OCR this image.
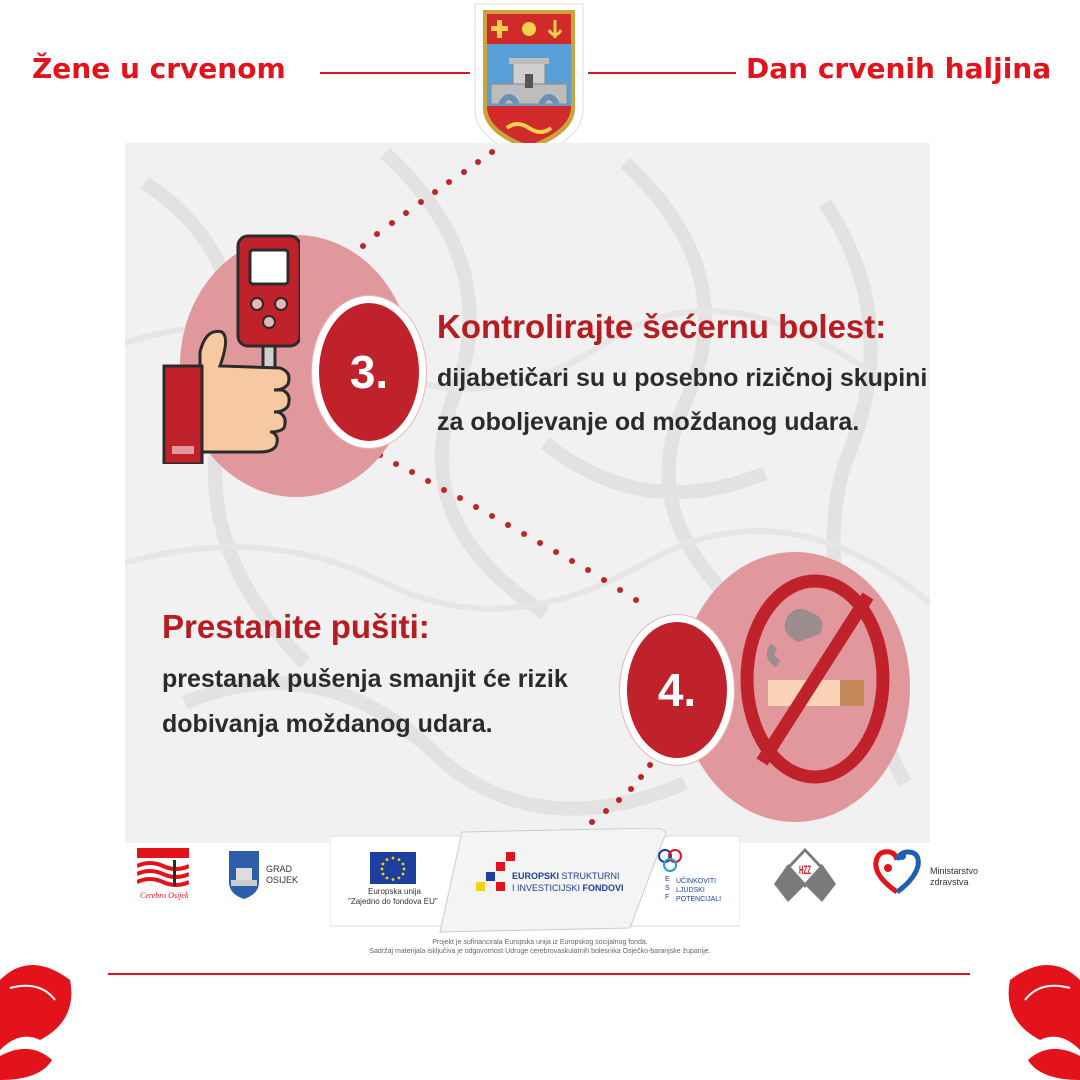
Žene u crvenom	Dan crvenih haljina
3.
Kontrolirajte šećernu bolest:
dijabetičari su u posebno rizičnoj skupini
za oboljevanje od moždanog udara.
Prestanite pušiti:
prestanak pušenja smanjit će rizik
dobivanja moždanog udara.
4.
Cerebro Osijek
GRAD
OSIJEK
Europska unija
"Zajedno do fondova EU"
EUROPSKI STRUKTURNI
I INVESTICIJSKI FONDOVI
ESF
UČINKOVITI
LJUDSKI
POTENCIJALI
HZZ	Ministarstvo
zdravstva
Projekt je sufinancirala Europska unija iz Europskog socijalnog fonda.
Sadržaj materijala isključiva je odgovornost Udruge cerebrovaskularnih bolesnika Osječko-baranjske županije.
